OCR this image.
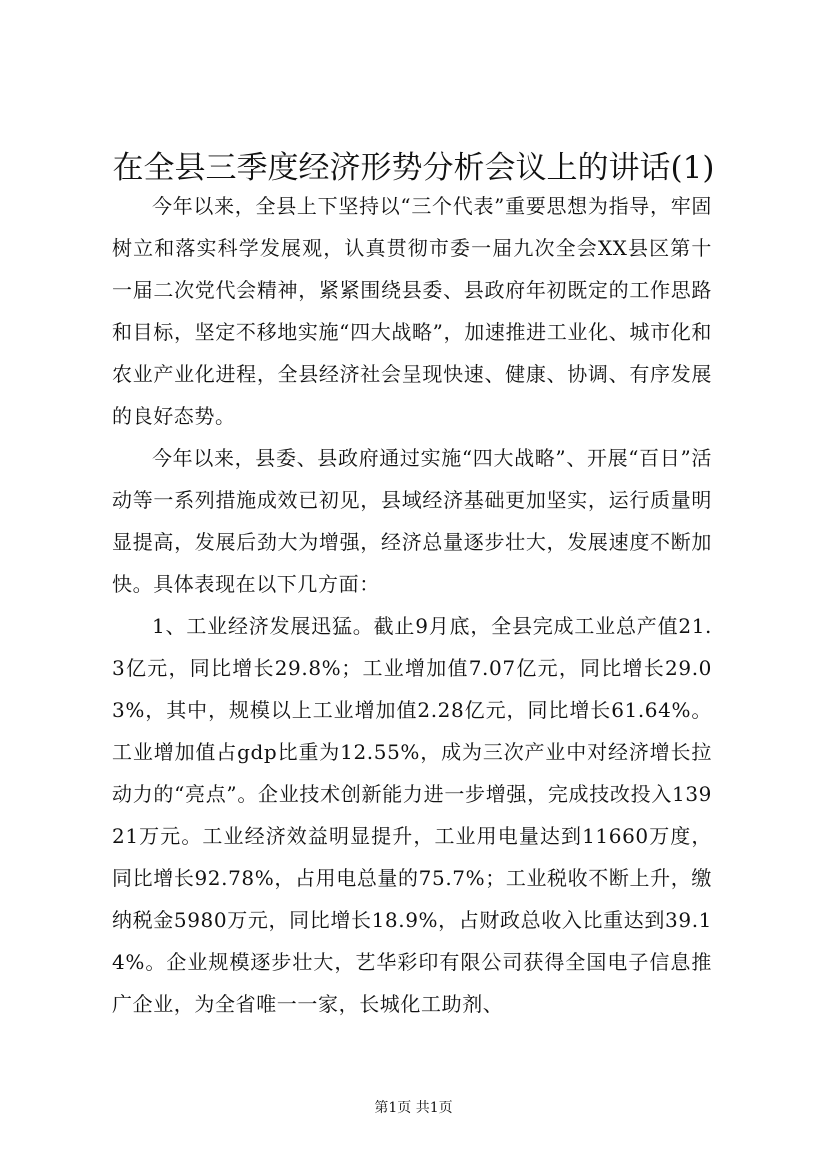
在全县三季度经济形势分析会议上的讲话(1)

今年以来，全县上下坚持以“三个代表”重要思想为指导，牢固树立和落实科学发展观，认真贯彻市委一届九次全会XX县区第十一届二次党代会精神，紧紧围绕县委、县政府年初既定的工作思路和目标，坚定不移地实施“四大战略”，加速推进工业化、城市化和农业产业化进程，全县经济社会呈现快速、健康、协调、有序发展的良好态势。

今年以来，县委、县政府通过实施“四大战略”、开展“百日”活动等一系列措施成效已初见，县域经济基础更加坚实，运行质量明显提高，发展后劲大为增强，经济总量逐步壮大，发展速度不断加快。具体表现在以下几方面：

1、工业经济发展迅猛。截止9月底，全县完成工业总产值21.3亿元，同比增长29.8%；工业增加值7.07亿元，同比增长29.03%，其中，规模以上工业增加值2.28亿元，同比增长61.64%。工业增加值占gdp比重为12.55%，成为三次产业中对经济增长拉动力的“亮点”。企业技术创新能力进一步增强，完成技改投入13921万元。工业经济效益明显提升，工业用电量达到11660万度，同比增长92.78%，占用电总量的75.7%；工业税收不断上升，缴纳税金5980万元，同比增长18.9%，占财政总收入比重达到39.14%。企业规模逐步壮大，艺华彩印有限公司获得全国电子信息推广企业，为全省唯一一家，长城化工助剂、

第1页 共1页
